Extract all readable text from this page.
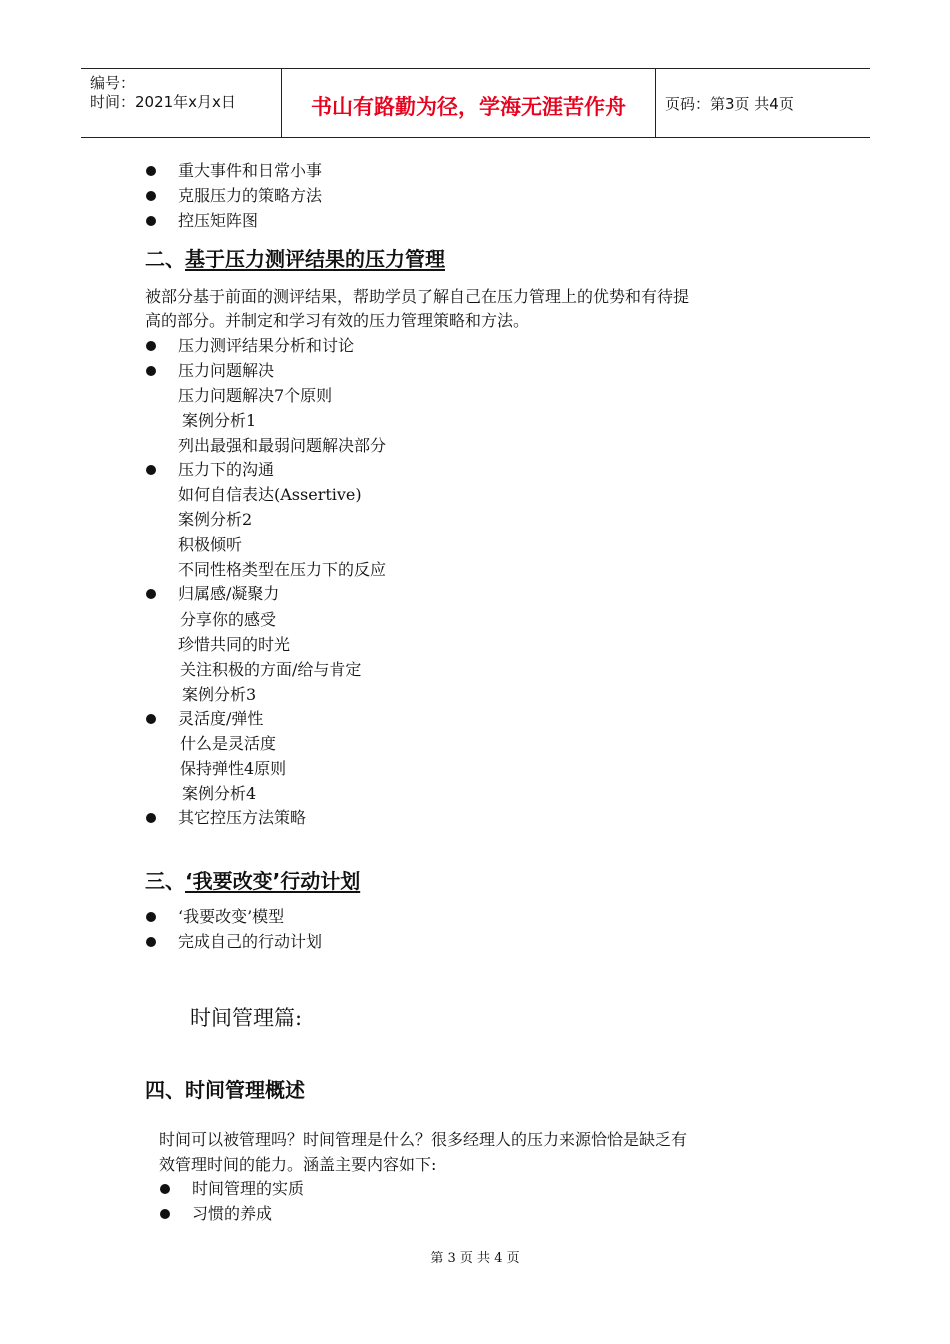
编号：
时间：2021年x月x日	书山有路勤为径，学海无涯苦作舟	页码：第3页 共4页
重大事件和日常小事
克服压力的策略方法
控压矩阵图
二、基于压力测评结果的压力管理
被部分基于前面的测评结果，帮助学员了解自己在压力管理上的优势和有待提
高的部分。并制定和学习有效的压力管理策略和方法。
压力测评结果分析和讨论
压力问题解决
压力问题解决7个原则
案例分析1
列出最强和最弱问题解决部分
压力下的沟通
如何自信表达(Assertive)
案例分析2
积极倾听
不同性格类型在压力下的反应
归属感/凝聚力
分享你的感受
珍惜共同的时光
关注积极的方面/给与肯定
案例分析3
灵活度/弹性
什么是灵活度
保持弹性4原则
案例分析4
其它控压方法策略
三、‘我要改变’行动计划
‘我要改变’模型
完成自己的行动计划
时间管理篇:
四、时间管理概述
时间可以被管理吗？时间管理是什么？很多经理人的压力来源恰恰是缺乏有
效管理时间的能力。涵盖主要内容如下:
时间管理的实质
习惯的养成
第 3 页 共 4 页
